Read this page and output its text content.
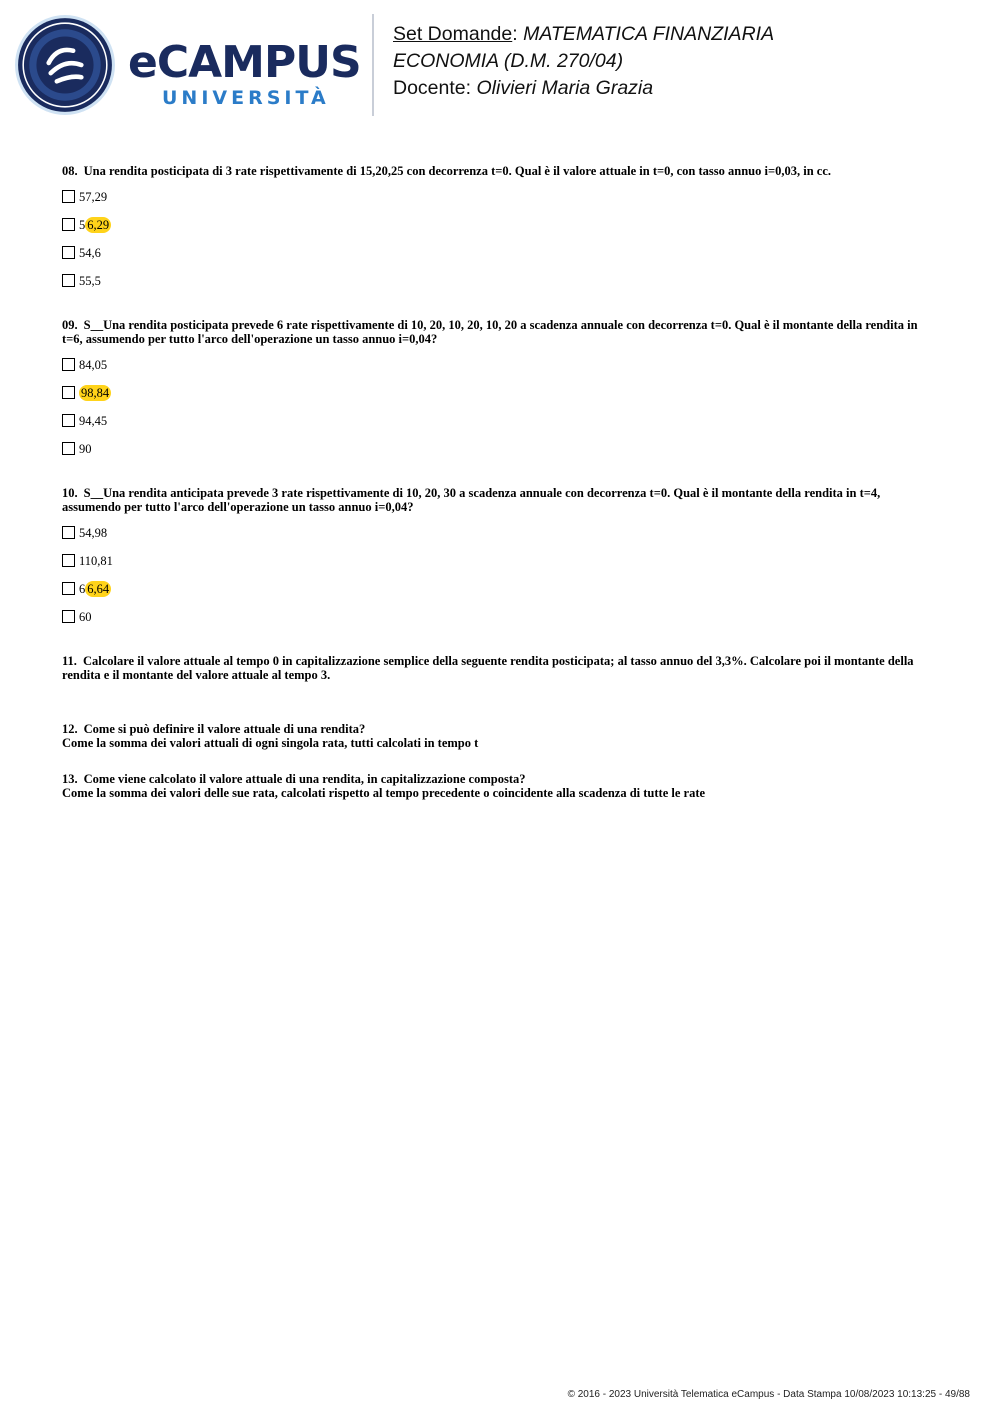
eCAMPUS
UNIVERSITÀ
Set Domande: MATEMATICA FINANZIARIA
ECONOMIA (D.M. 270/04)
Docente: Olivieri Maria Grazia

08. Una rendita posticipata di 3 rate rispettivamente di 15,20,25 con decorrenza t=0. Qual è il valore attuale in t=0, con tasso annuo i=0,03, in cc.

57,29
5 6,29
54,6
55,5

09. S__Una rendita posticipata prevede 6 rate rispettivamente di 10, 20, 10, 20, 10, 20 a scadenza annuale con decorrenza t=0. Qual è il montante della rendita in t=6, assumendo per tutto l'arco dell'operazione un tasso annuo i=0,04?

84,05
98,84
94,45
90

10. S__Una rendita anticipata prevede 3 rate rispettivamente di 10, 20, 30 a scadenza annuale con decorrenza t=0. Qual è il montante della rendita in t=4, assumendo per tutto l'arco dell'operazione un tasso annuo i=0,04?

54,98
110,81
6 6,64
60

11. Calcolare il valore attuale al tempo 0 in capitalizzazione semplice della seguente rendita posticipata; al tasso annuo del 3,3%. Calcolare poi il montante della rendita e il montante del valore attuale al tempo 3.

12. Come si può definire il valore attuale di una rendita?

Come la somma dei valori attuali di ogni singola rata, tutti calcolati in tempo t

13. Come viene calcolato il valore attuale di una rendita, in capitalizzazione composta?

Come la somma dei valori delle sue rata, calcolati rispetto al tempo precedente o coincidente alla scadenza di tutte le rate

© 2016 - 2023 Università Telematica eCampus - Data Stampa 10/08/2023 10:13:25 - 49/88
